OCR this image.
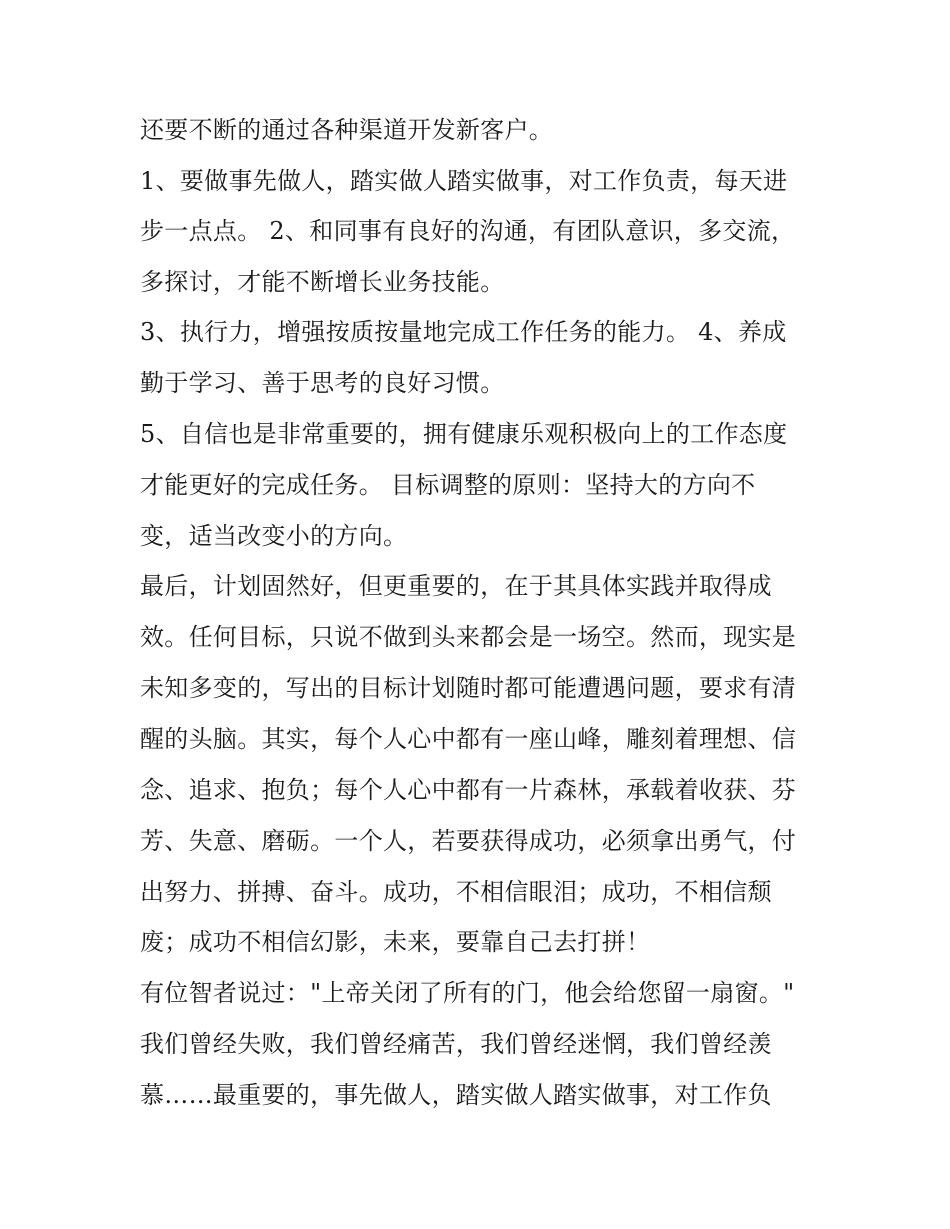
还要不断的通过各种渠道开发新客户。

1、要做事先做人，踏实做人踏实做事，对工作负责，每天进

步一点点。 2、和同事有良好的沟通，有团队意识，多交流，

多探讨，才能不断增长业务技能。

3、执行力，增强按质按量地完成工作任务的能力。 4、养成

勤于学习、善于思考的良好习惯。

5、自信也是非常重要的，拥有健康乐观积极向上的工作态度

才能更好的完成任务。 目标调整的原则：坚持大的方向不

变，适当改变小的方向。

最后，计划固然好，但更重要的，在于其具体实践并取得成

效。任何目标，只说不做到头来都会是一场空。然而，现实是

未知多变的，写出的目标计划随时都可能遭遇问题，要求有清

醒的头脑。其实，每个人心中都有一座山峰，雕刻着理想、信

念、追求、抱负；每个人心中都有一片森林，承载着收获、芬

芳、失意、磨砺。一个人，若要获得成功，必须拿出勇气，付

出努力、拼搏、奋斗。成功，不相信眼泪；成功，不相信颓

废；成功不相信幻影，未来，要靠自己去打拼！

有位智者说过："上帝关闭了所有的门，他会给您留一扇窗。"

我们曾经失败，我们曾经痛苦，我们曾经迷惘，我们曾经羡

慕……最重要的，事先做人，踏实做人踏实做事，对工作负
